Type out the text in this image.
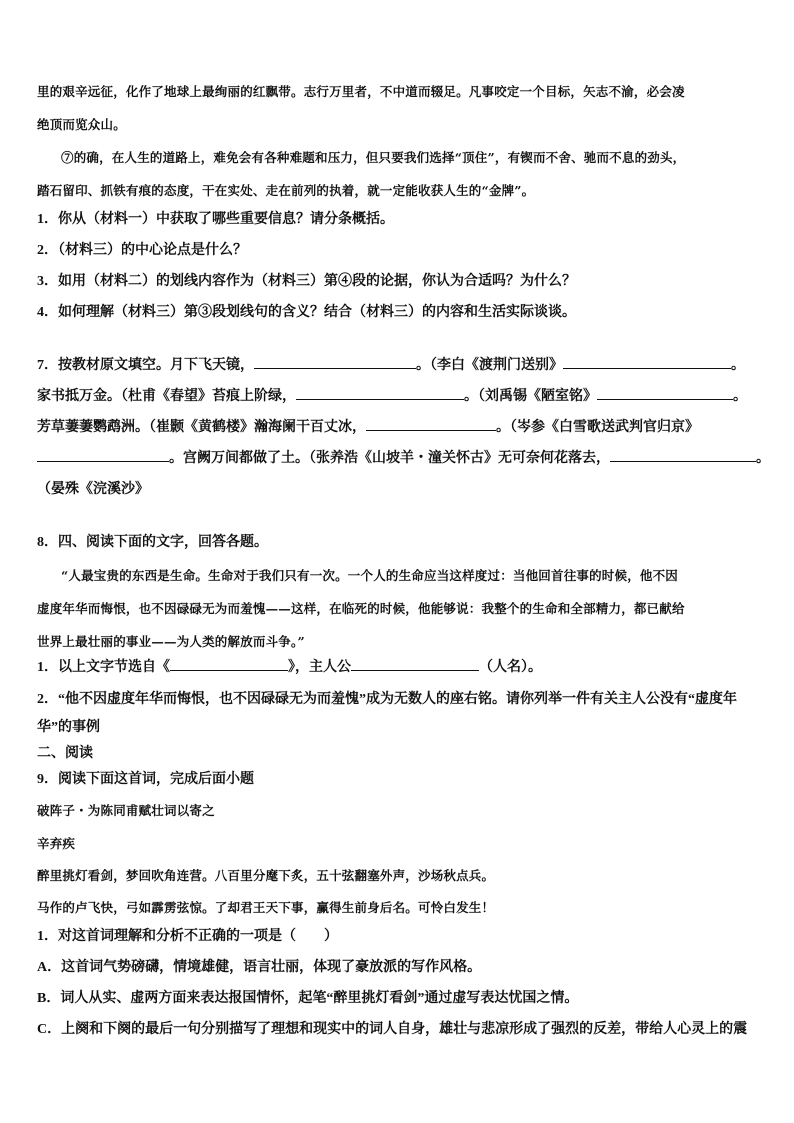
里的艰辛远征，化作了地球上最绚丽的红飘带。志行万里者，不中道而辍足。凡事咬定一个目标，矢志不渝，必会凌
绝顶而览众山。
⑦的确，在人生的道路上，难免会有各种难题和压力，但只要我们选择“顶住”，有锲而不舍、驰而不息的劲头，
踏石留印、抓铁有痕的态度，干在实处、走在前列的执着，就一定能收获人生的“金牌”。
1．你从（材料一）中获取了哪些重要信息？请分条概括。
2．（材料三）的中心论点是什么？
3．如用（材料二）的划线内容作为（材料三）第④段的论据，你认为合适吗？为什么？
4．如何理解（材料三）第③段划线句的含义？结合（材料三）的内容和生活实际谈谈。
7．按教材原文填空。月下飞天镜，	。（李白《渡荆门送别》	。
家书抵万金。（杜甫《春望》苔痕上阶绿，	。（刘禹锡《陋室铭》	。
芳草萋萋鹦鹉洲。（崔颢《黄鹤楼》瀚海阑干百丈冰，	。（岑参《白雪歌送武判官归京》
。宫阙万间都做了土。（张养浩《山坡羊・潼关怀古》无可奈何花落去，	。
（晏殊《浣溪沙》
8．四、阅读下面的文字，回答各题。
“人最宝贵的东西是生命。生命对于我们只有一次。一个人的生命应当这样度过：当他回首往事的时候，他不因
虚度年华而悔恨，也不因碌碌无为而羞愧——这样，在临死的时候，他能够说：我整个的生命和全部精力，都已献给
世界上最壮丽的事业——为人类的解放而斗争。”
1．以上文字节选自《	》，主人公	（人名）。
2．“他不因虚度年华而悔恨，也不因碌碌无为而羞愧”成为无数人的座右铭。请你列举一件有关主人公没有“虚度年
华”的事例
二、阅读
9．阅读下面这首词，完成后面小题
破阵子・为陈同甫赋壮词以寄之
辛弃疾
醉里挑灯看剑，梦回吹角连营。八百里分麾下炙，五十弦翻塞外声，沙场秋点兵。
马作的卢飞快，弓如霹雳弦惊。了却君王天下事，赢得生前身后名。可怜白发生！
1．对这首词理解和分析不正确的一项是（　　）
A．这首词气势磅礴，情境雄健，语言壮丽，体现了豪放派的写作风格。
B．词人从实、虚两方面来表达报国情怀，起笔“醉里挑灯看剑”通过虚写表达忧国之情。
C．上阕和下阕的最后一句分别描写了理想和现实中的词人自身，雄壮与悲凉形成了强烈的反差，带给人心灵上的震
